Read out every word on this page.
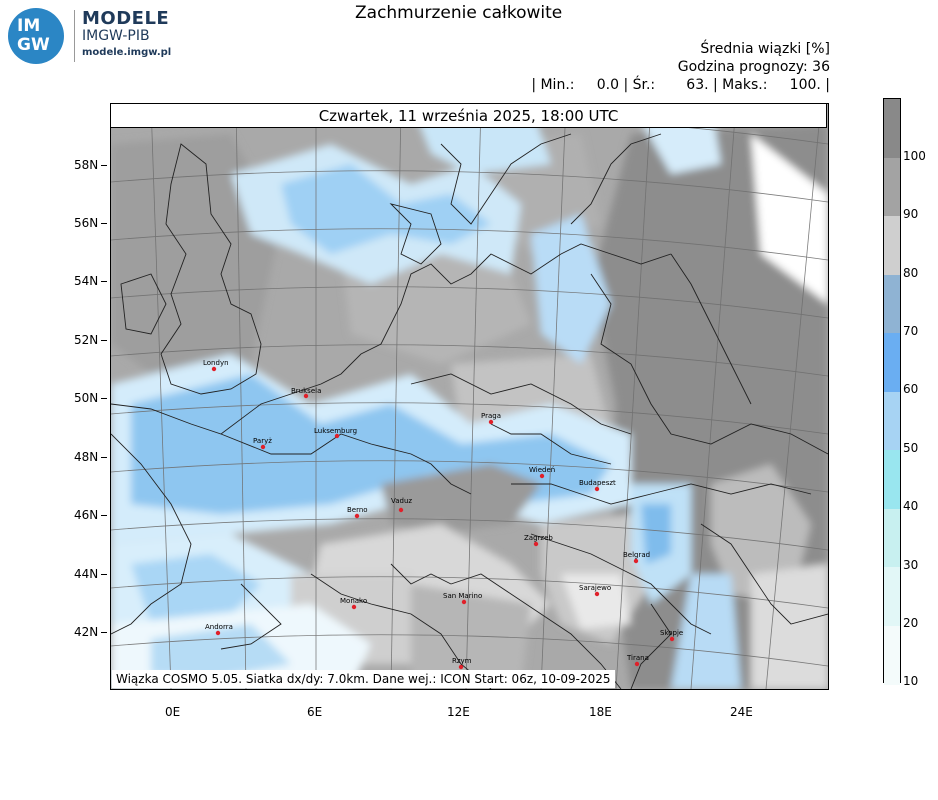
IM
GW
MODELE
IMGW-PIB
modele.imgw.pl
Zachmurzenie całkowite
Średnia wiązki [%]
Godzina prognozy: 36
| Min.:     0.0 | Śr.:       63. | Maks.:     100. |
Londyn
Bruksela
Paryż
Luksemburg
Praga
Wiedeń
Budapeszt
Berno
Vaduz
Zagrzeb
Belgrad
Sarajewo
Monako
San Marino
Andorra
Skopje
Rzym	Tirana
Czwartek, 11 września 2025, 18:00 UTC
Wiązka COSMO 5.05. Siatka dx/dy: 7.0km. Dane wej.: ICON Start: 06z, 10-09-2025
58N
56N
54N
52N
50N
48N
46N
44N
42N
0E	6E	12E	18E	24E
100
90
80
70
60
50
40
30
20
10
